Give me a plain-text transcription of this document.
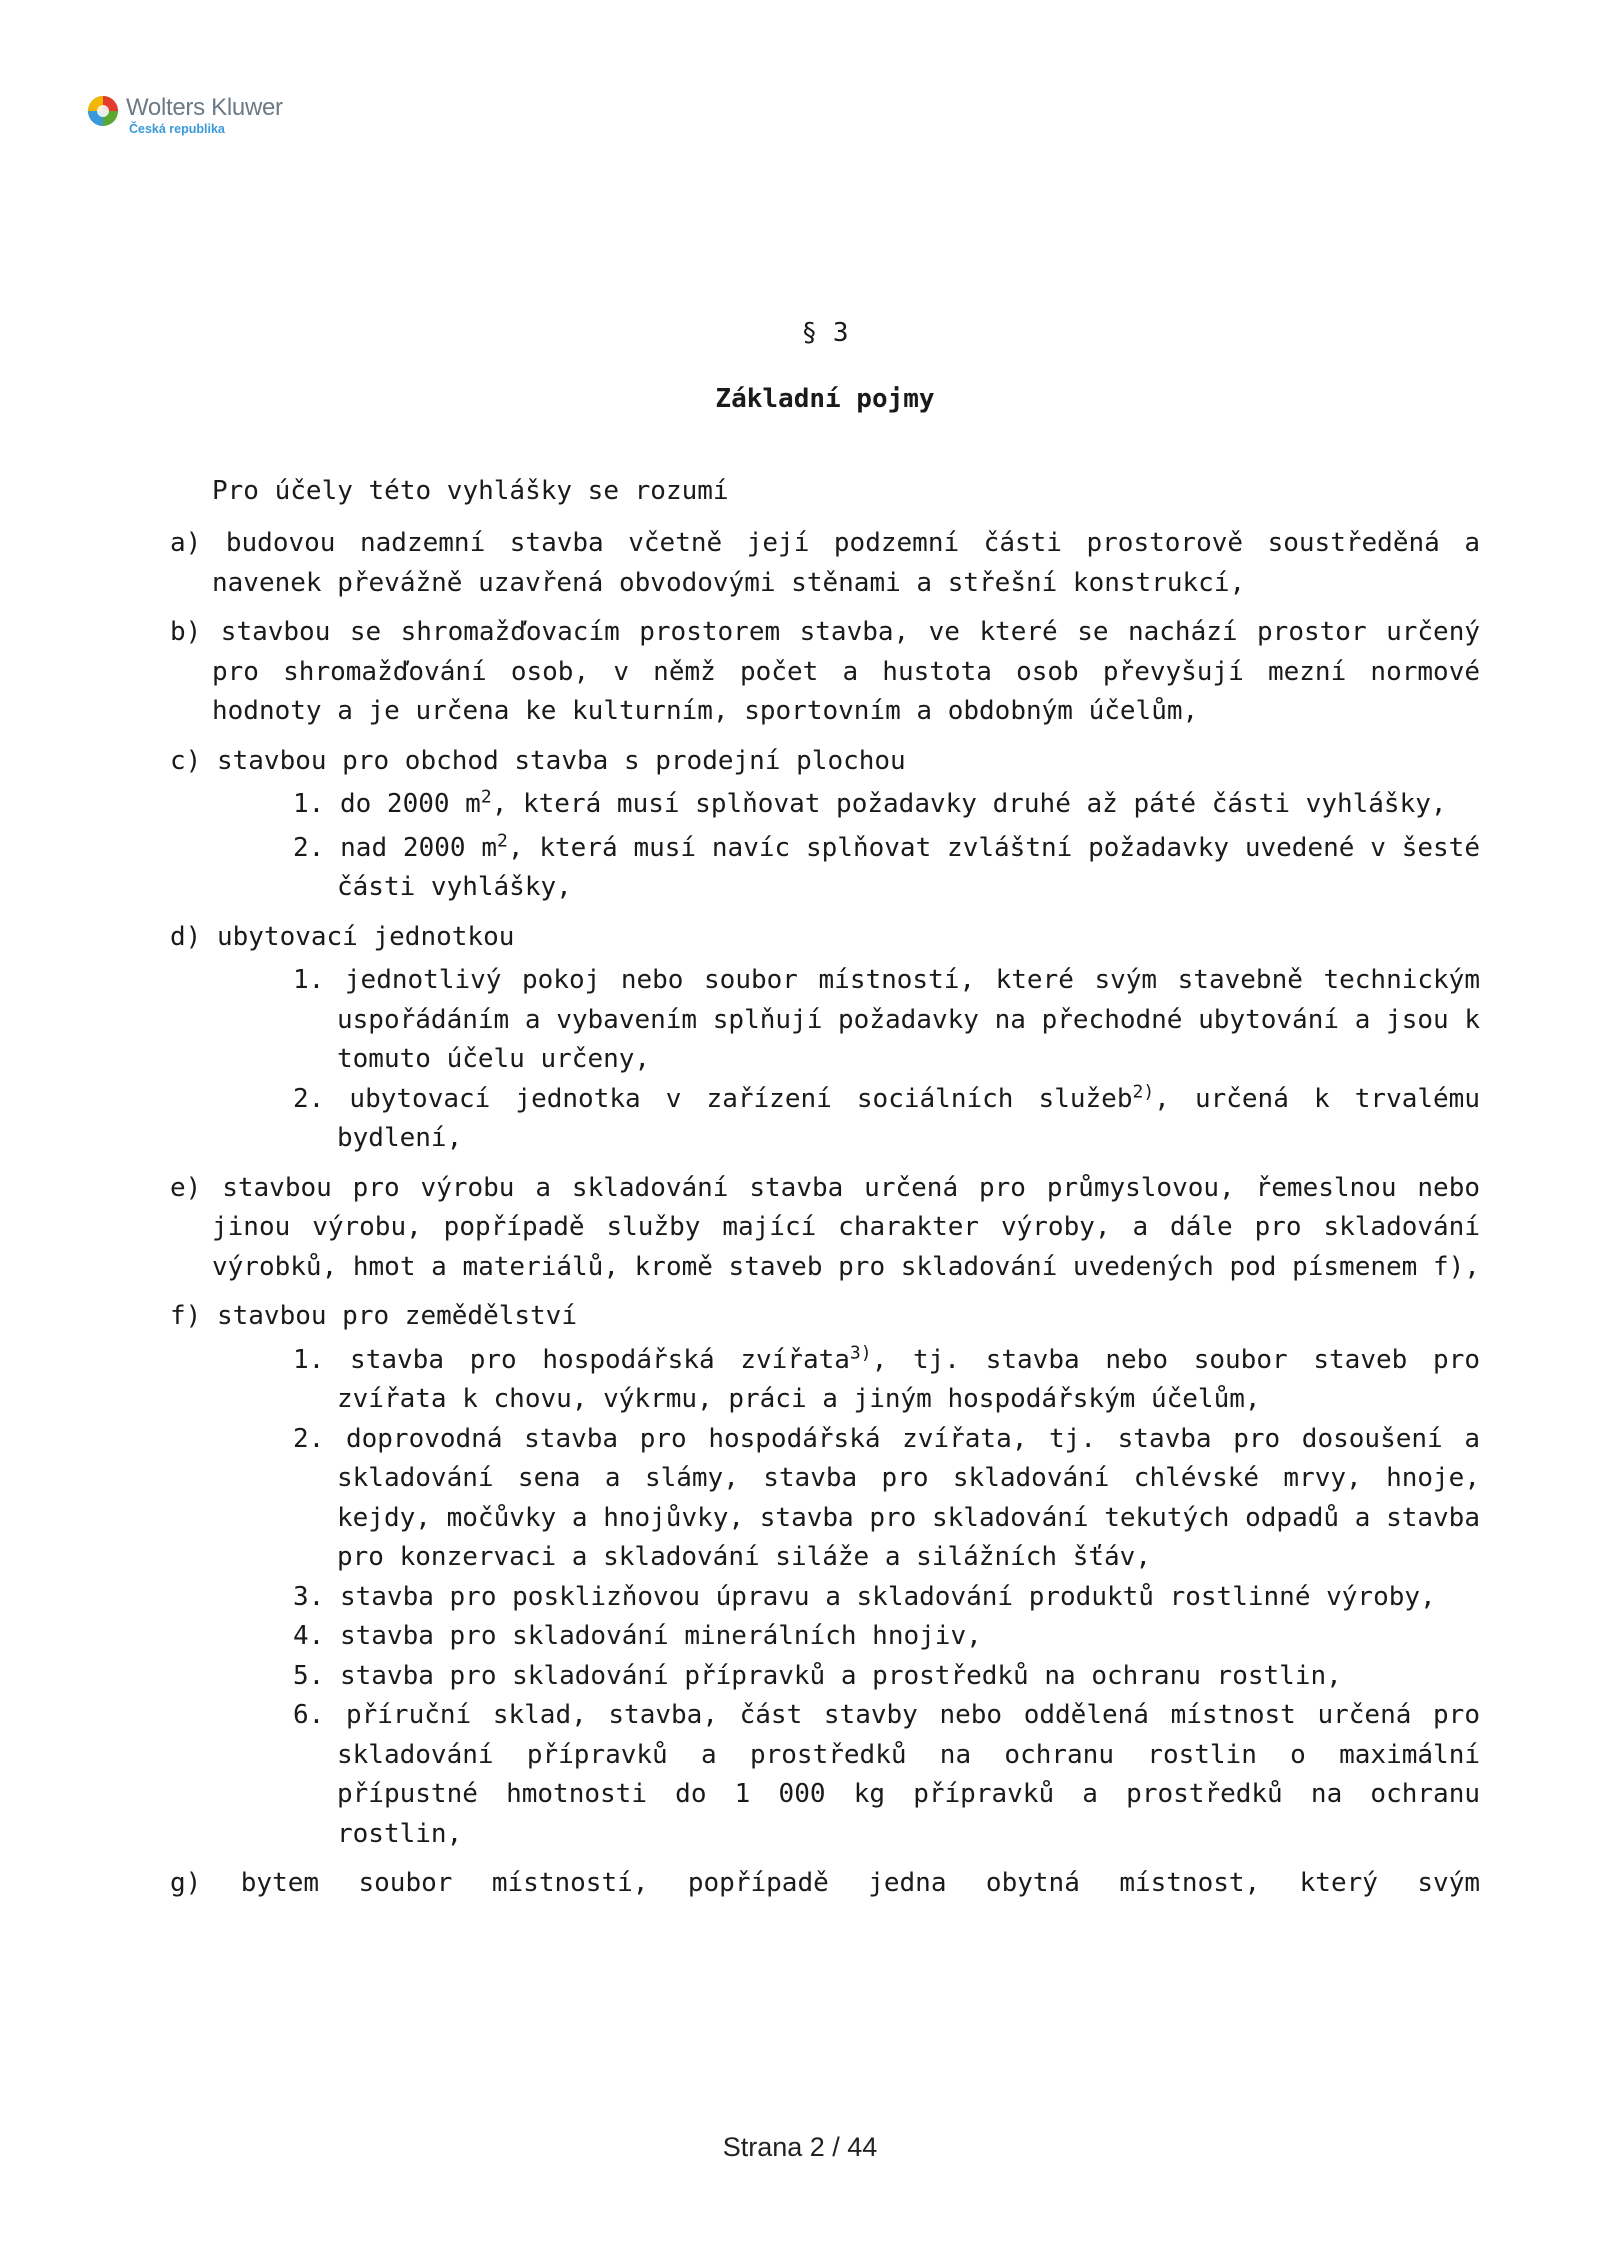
Wolters Kluwer
Česká republika
§ 3
Základní pojmy
Pro účely této vyhlášky se rozumí
a) budovou nadzemní stavba včetně její podzemní části prostorově soustředěná a navenek převážně uzavřená obvodovými stěnami a střešní konstrukcí,
b) stavbou se shromažďovacím prostorem stavba, ve které se nachází prostor určený pro shromažďování osob, v němž počet a hustota osob převyšují mezní normové hodnoty a je určena ke kulturním, sportovním a obdobným účelům,
c) stavbou pro obchod stavba s prodejní plochou
1. do 2000 $m^2$, která musí splňovat požadavky druhé až páté části vyhlášky,
2. nad 2000 $m^2$, která musí navíc splňovat zvláštní požadavky uvedené v šesté části vyhlášky,
d) ubytovací jednotkou
1. jednotlivý pokoj nebo soubor místností, které svým stavebně technickým uspořádáním a vybavením splňují požadavky na přechodné ubytování a jsou k tomuto účelu určeny,
2. ubytovací jednotka v zařízení sociálních služeb$^{2)}$, určená k trvalému bydlení,
e) stavbou pro výrobu a skladování stavba určená pro průmyslovou, řemeslnou nebo jinou výrobu, popřípadě služby mající charakter výroby, a dále pro skladování výrobků, hmot a materiálů, kromě staveb pro skladování uvedených pod písmenem f),
f) stavbou pro zemědělství
1. stavba pro hospodářská zvířata$^{3)}$, tj. stavba nebo soubor staveb pro zvířata k chovu, výkrmu, práci a jiným hospodářským účelům,
2. doprovodná stavba pro hospodářská zvířata, tj. stavba pro dosoušení a skladování sena a slámy, stavba pro skladování chlévské mrvy, hnoje, kejdy, močůvky a hnojůvky, stavba pro skladování tekutých odpadů a stavba pro konzervaci a skladování siláže a silážních šťáv,
3. stavba pro posklizňovou úpravu a skladování produktů rostlinné výroby,
4. stavba pro skladování minerálních hnojiv,
5. stavba pro skladování přípravků a prostředků na ochranu rostlin,
6. příruční sklad, stavba, část stavby nebo oddělená místnost určená pro skladování přípravků a prostředků na ochranu rostlin o maximální přípustné hmotnosti do 1 000 kg přípravků a prostředků na ochranu rostlin,
g) bytem soubor místností, popřípadě jedna obytná místnost, který svým
Strana 2 / 44
